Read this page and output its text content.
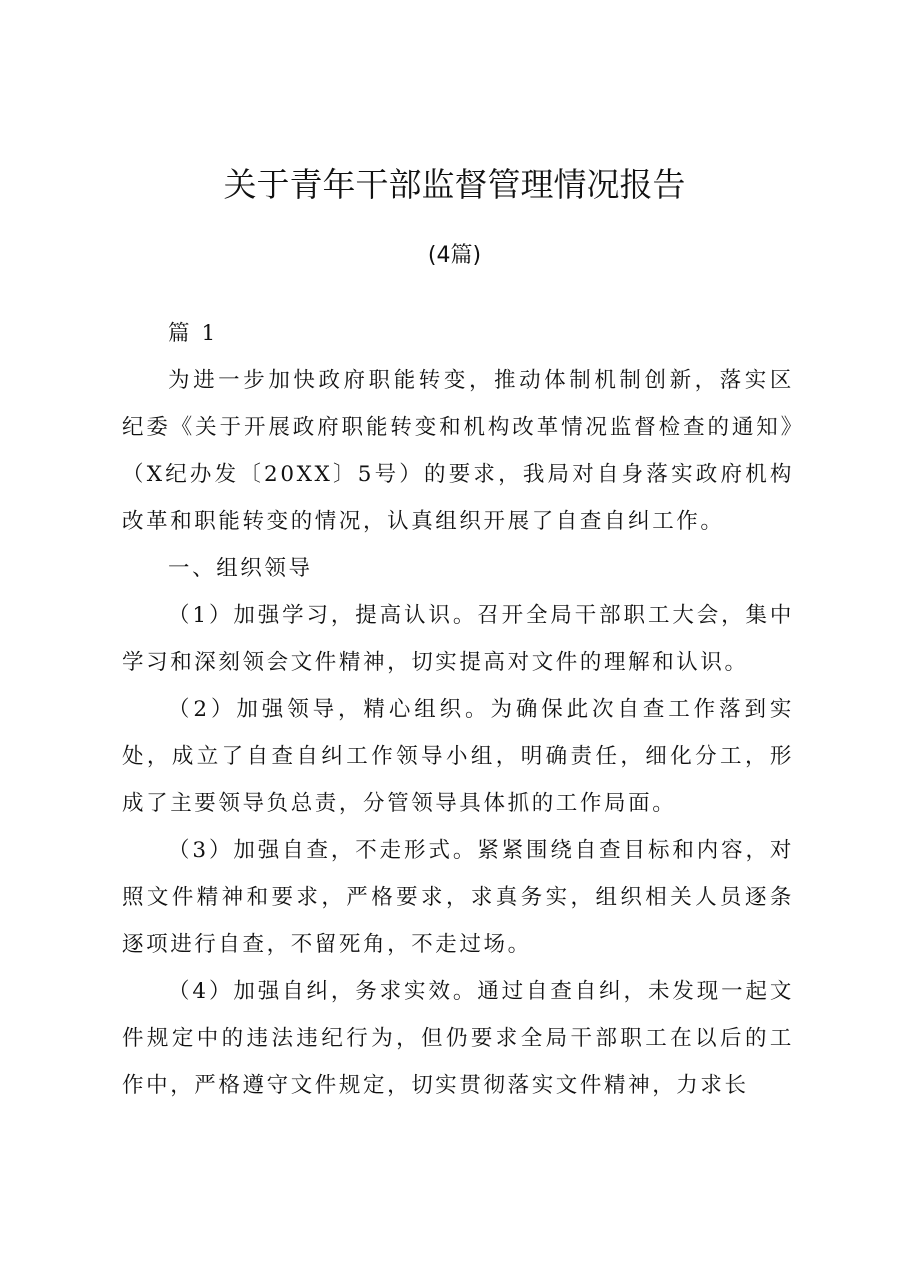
关于青年干部监督管理情况报告
(4篇)

篇 1

为进一步加快政府职能转变，推动体制机制创新，落实区纪委《关于开展政府职能转变和机构改革情况监督检查的通知》（X纪办发〔20XX〕5号）的要求，我局对自身落实政府机构改革和职能转变的情况，认真组织开展了自查自纠工作。

一、组织领导

（1）加强学习，提高认识。召开全局干部职工大会，集中学习和深刻领会文件精神，切实提高对文件的理解和认识。

（2）加强领导，精心组织。为确保此次自查工作落到实处，成立了自查自纠工作领导小组，明确责任，细化分工，形成了主要领导负总责，分管领导具体抓的工作局面。

（3）加强自查，不走形式。紧紧围绕自查目标和内容，对照文件精神和要求，严格要求，求真务实，组织相关人员逐条逐项进行自查，不留死角，不走过场。

（4）加强自纠，务求实效。通过自查自纠，未发现一起文件规定中的违法违纪行为，但仍要求全局干部职工在以后的工作中，严格遵守文件规定，切实贯彻落实文件精神，力求长
